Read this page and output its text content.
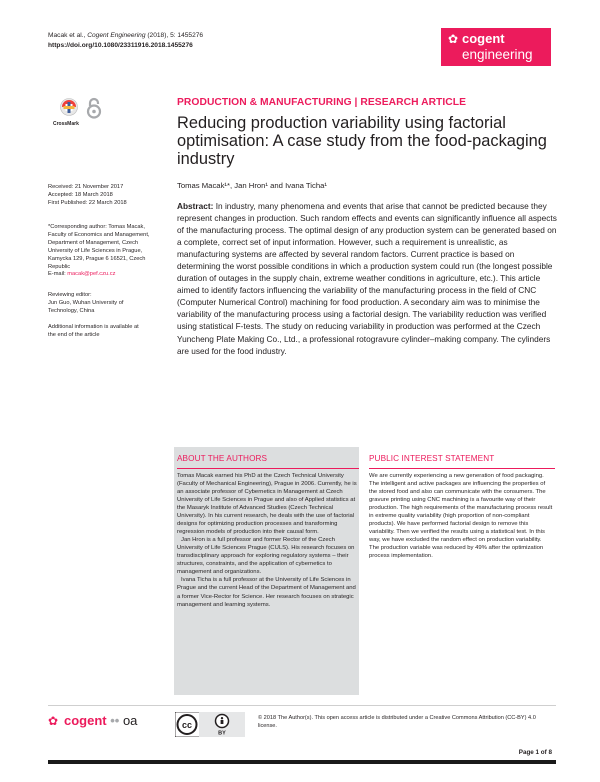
Macak et al., Cogent Engineering (2018), 5: 1455276
https://doi.org/10.1080/23311916.2018.1455276	✿ cogent
engineering
CrossMark
PRODUCTION & MANUFACTURING | RESEARCH ARTICLE
Reducing production variability using factorial optimisation: A case study from the food-packaging industry
Tomas Macak¹*, Jan Hron¹ and Ivana Ticha¹
Received: 21 November 2017
Accepted: 18 March 2018
First Published: 22 March 2018
*Corresponding author: Tomas Macak,
Faculty of Economics and Management,
Department of Management, Czech
University of Life Sciences in Prague,
Kamycka 129, Prague 6 16521, Czech
Republic
E-mail: macak@pef.czu.cz
Reviewing editor:
Jun Guo, Wuhan University of
Technology, China
Additional information is available at
the end of the article
Abstract: In industry, many phenomena and events that arise that cannot be predicted because they represent changes in production. Such random effects and events can significantly influence all aspects of the manufacturing process. The optimal design of any production system can be generated based on a complete, correct set of input information. However, such a requirement is unrealistic, as manufacturing systems are affected by several random factors. Current practice is based on determining the worst possible conditions in which a production system could run (the longest possible duration of outages in the supply chain, extreme weather conditions in agriculture, etc.). This article aimed to identify factors influencing the variability of the manufacturing process in the field of CNC (Computer Numerical Control) machining for food production. A secondary aim was to minimise the variability of the manufacturing process using a factorial design. The variability reduction was verified using statistical F-tests. The study on reducing variability in production was performed at the Czech Yuncheng Plate Making Co., Ltd., a professional rotogravure cylinder–making company. The cylinders are used for the food industry.
ABOUT THE AUTHORS
Tomas Macak earned his PhD at the Czech Technical University (Faculty of Mechanical Engineering), Prague in 2006. Currently, he is an associate professor of Cybernetics in Management at Czech University of Life Sciences in Prague and also of Applied statistics at the Masaryk Institute of Advanced Studies (Czech Technical University). In his current research, he deals with the use of factorial designs for optimizing production processes and transforming regression models of production into their causal form.
Jan Hron is a full professor and former Rector of the Czech University of Life Sciences Prague (CULS). His research focuses on transdisciplinary approach for exploring regulatory systems – their structures, constraints, and the application of cybernetics to management and organizations.
Ivana Ticha is a full professor at the University of Life Sciences in Prague and the current Head of the Department of Management and a former Vice-Rector for Science. Her research focuses on strategic management and learning systems.
PUBLIC INTEREST STATEMENT
We are currently experiencing a new generation of food packaging. The intelligent and active packages are influencing the properties of the stored food and also can communicate with the consumers. The gravure printing using CNC machining is a favourite way of their production. The high requirements of the manufacturing process result in extreme quality variability (high proportion of non-compliant products). We have performed factorial design to remove this variability. Then we verified the results using a statistical test. In this way, we have excluded the random effect on production variability. The production variable was reduced by 49% after the optimization process implementation.
✿ cogent •• oa	cc
BY
© 2018 The Author(s). This open access article is distributed under a Creative Commons Attribution (CC-BY) 4.0 license.
Page 1 of 8
